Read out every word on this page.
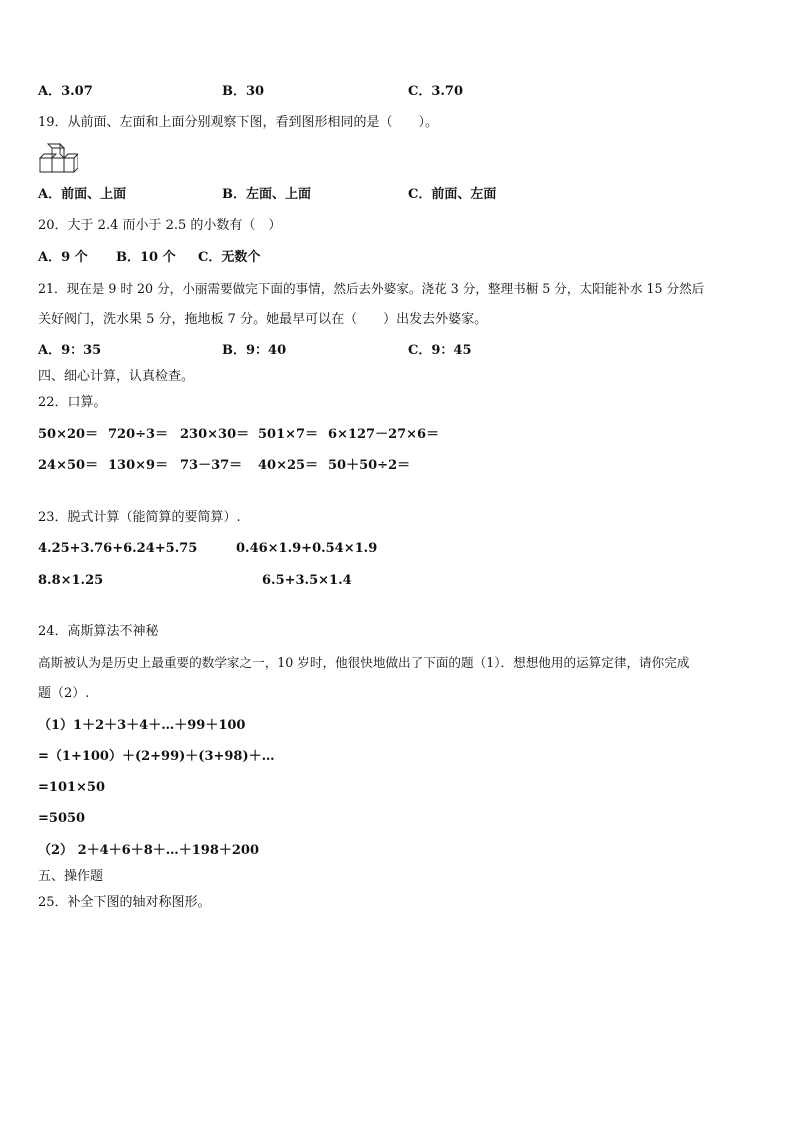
A．3.07	B．30	C．3.70
19．从前面、左面和上面分别观察下图，看到图形相同的是（　　）。
A．前面、上面	B．左面、上面	C．前面、左面
20．大于 2.4 而小于 2.5 的小数有（　）
A．9 个 B．10 个 C．无数个
21．现在是 9 时 20 分，小丽需要做完下面的事情，然后去外婆家。浇花 3 分，整理书橱 5 分，太阳能补水 15 分然后
关好阀门，洗水果 5 分，拖地板 7 分。她最早可以在（　　）出发去外婆家。
A．9：35	B．9：40	C．9：45
四、细心计算，认真检查。
22．口算。
50×20＝ 720÷3＝ 230×30＝ 501×7＝ 6×127－27×6＝
24×50＝ 130×9＝ 73－37＝ 40×25＝ 50＋50÷2＝
23．脱式计算（能简算的要简算）.
4.25+3.76+6.24+5.75	0.46×1.9+0.54×1.9
8.8×1.25	6.5+3.5×1.4
24．高斯算法不神秘
高斯被认为是历史上最重要的数学家之一，10 岁时，他很快地做出了下面的题（1）．想想他用的运算定律，请你完成
题（2）.
（1）1＋2＋3＋4＋…＋99＋100
=（1+100）＋(2+99)＋(3+98)＋…
=101×50
=5050
（2） 2＋4＋6＋8＋…＋198＋200
五、操作题
25．补全下图的轴对称图形。
